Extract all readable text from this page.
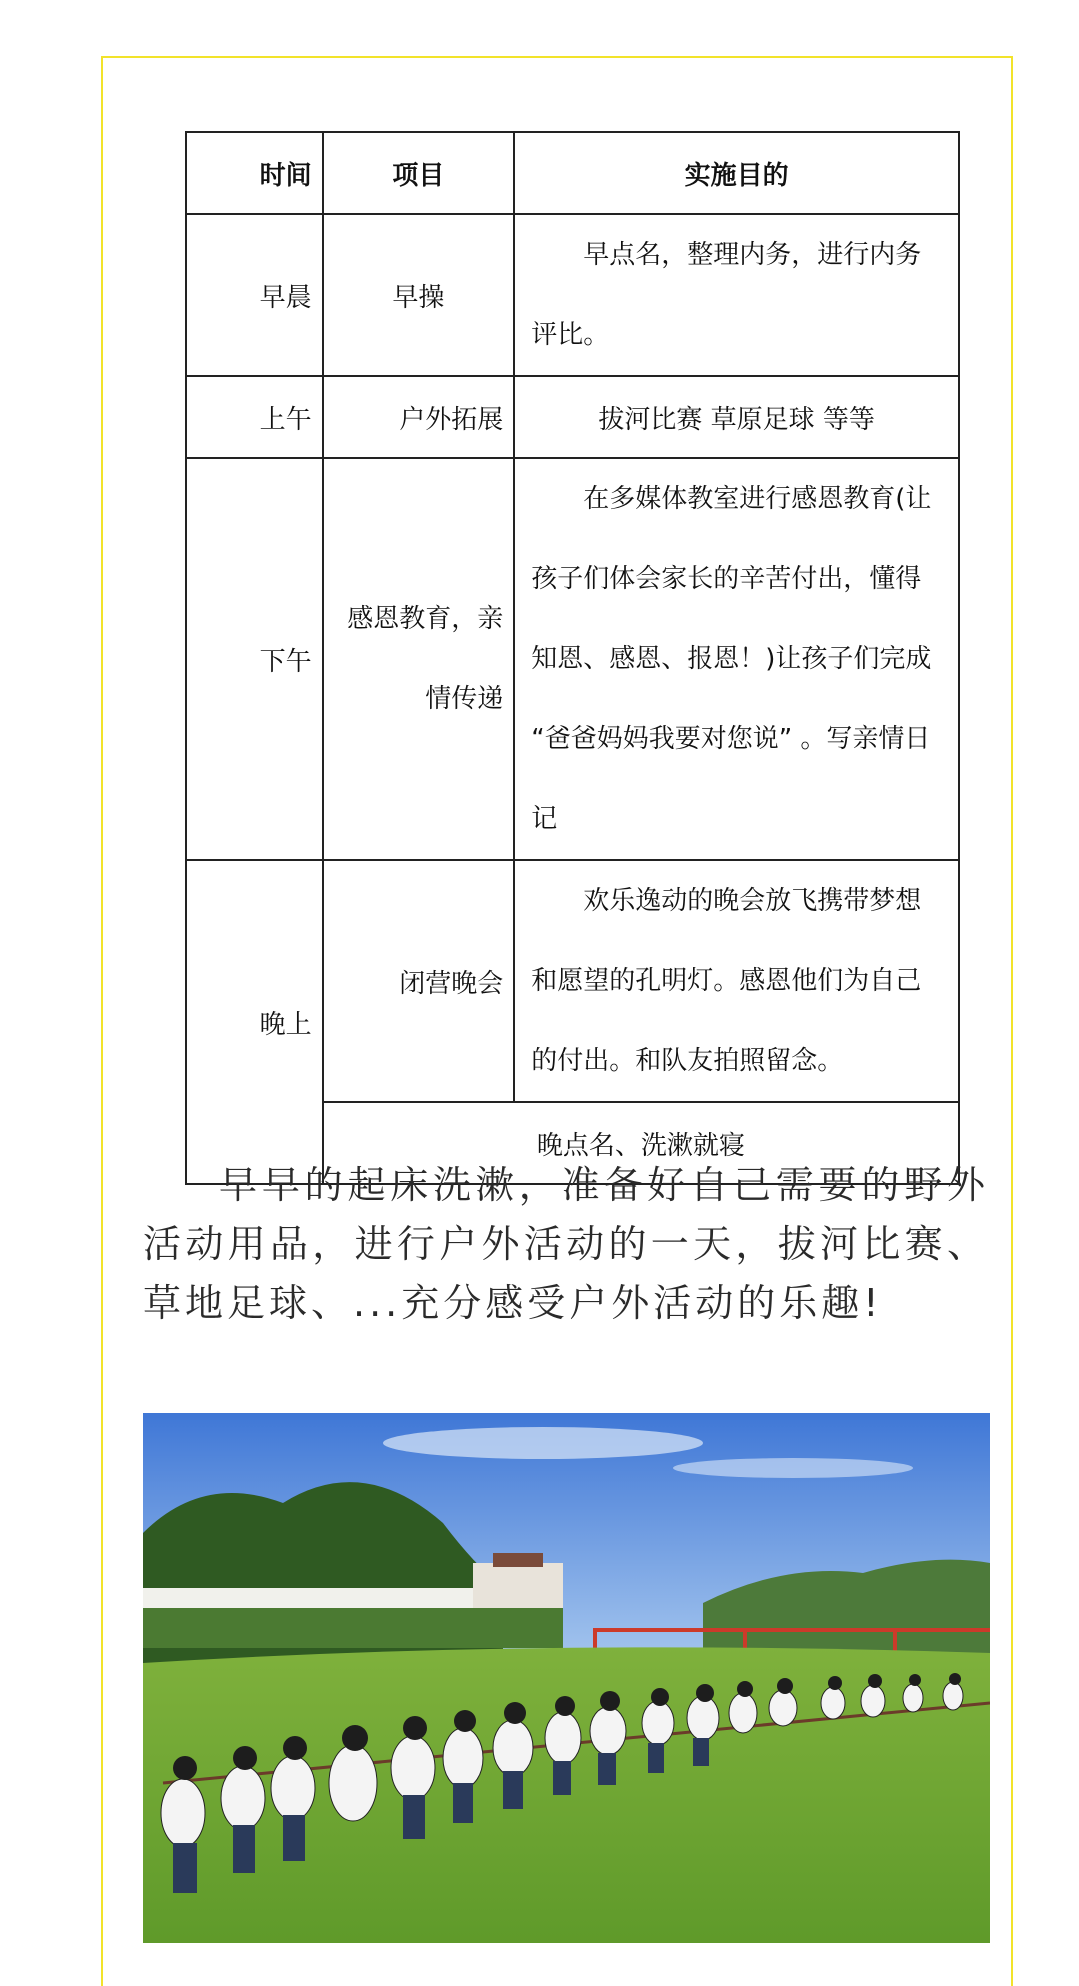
时间	项目	实施目的
早晨	早操	早点名，整理内务，进行内务评比。

上午	户外拓展	拔河比赛 草原足球 等等
下午	感恩教育，亲情传递	在多媒体教室进行感恩教育(让孩子们体会家长的辛苦付出，懂得知恩、感恩、报恩！)让孩子们完成 “爸爸妈妈我要对您说” 。写亲情日记

晚上	闭营晚会	欢乐逸动的晚会放飞携带梦想和愿望的孔明灯。感恩他们为自己的付出。和队友拍照留念。

	晚点名、洗漱就寝	

早早的起床洗漱，准备好自己需要的野外活动用品，进行户外活动的一天，拔河比赛、 草地足球、...充分感受户外活动的乐趣!
